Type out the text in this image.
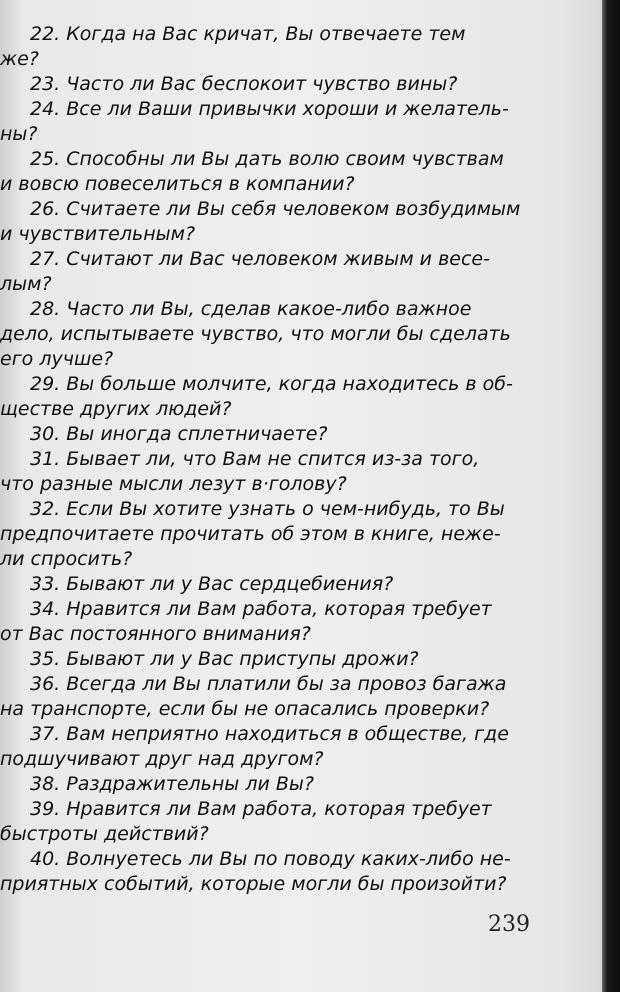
22. Когда на Вас кричат, Вы отвечаете тем
же?
23. Часто ли Вас беспокоит чувство вины?
24. Все ли Ваши привычки хороши и желатель-
ны?
25. Способны ли Вы дать волю своим чувствам
и вовсю повеселиться в компании?
26. Считаете ли Вы себя человеком возбудимым
и чувствительным?
27. Считают ли Вас человеком живым и весе-
лым?
28. Часто ли Вы, сделав какое-либо важное
дело, испытываете чувство, что могли бы сделать
его лучше?
29. Вы больше молчите, когда находитесь в об-
ществе других людей?
30. Вы иногда сплетничаете?
31. Бывает ли, что Вам не спится из-за того,
что разные мысли лезут в·голову?
32. Если Вы хотите узнать о чем-нибудь, то Вы
предпочитаете прочитать об этом в книге, неже-
ли спросить?
33. Бывают ли у Вас сердцебиения?
34. Нравится ли Вам работа, которая требует
от Вас постоянного внимания?
35. Бывают ли у Вас приступы дрожи?
36. Всегда ли Вы платили бы за провоз багажа
на транспорте, если бы не опасались проверки?
37. Вам неприятно находиться в обществе, где
подшучивают друг над другом?
38. Раздражительны ли Вы?
39. Нравится ли Вам работа, которая требует
быстроты действий?
40. Волнуетесь ли Вы по поводу каких-либо не-
приятных событий, которые могли бы произойти?
239
